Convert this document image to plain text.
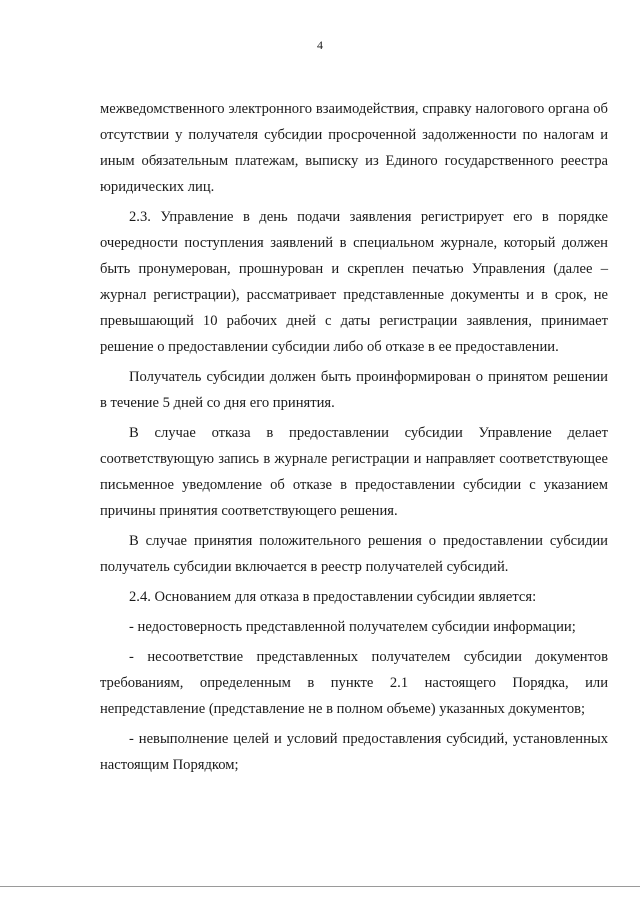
4

межведомственного электронного взаимодействия, справку налогового органа об отсутствии у получателя субсидии просроченной задолженности по налогам и иным обязательным платежам, выписку из Единого государственного реестра юридических лиц.

2.3. Управление в день подачи заявления регистрирует его в порядке очередности поступления заявлений в специальном журнале, который должен быть пронумерован, прошнурован и скреплен печатью Управления (далее – журнал регистрации), рассматривает представленные документы и в срок, не превышающий 10 рабочих дней с даты регистрации заявления, принимает решение о предоставлении субсидии либо об отказе в ее предоставлении.

Получатель субсидии должен быть проинформирован о принятом решении в течение 5 дней со дня его принятия.

В случае отказа в предоставлении субсидии Управление делает соответствующую запись в журнале регистрации и направляет соответствующее письменное уведомление об отказе в предоставлении субсидии с указанием причины принятия соответствующего решения.

В случае принятия положительного решения о предоставлении субсидии получатель субсидии включается в реестр получателей субсидий.

2.4. Основанием для отказа в предоставлении субсидии является:

- недостоверность представленной получателем субсидии информации;

- несоответствие представленных получателем субсидии документов требованиям, определенным в пункте 2.1 настоящего Порядка, или непредставление (представление не в полном объеме) указанных документов;

- невыполнение целей и условий предоставления субсидий, установленных настоящим Порядком;
